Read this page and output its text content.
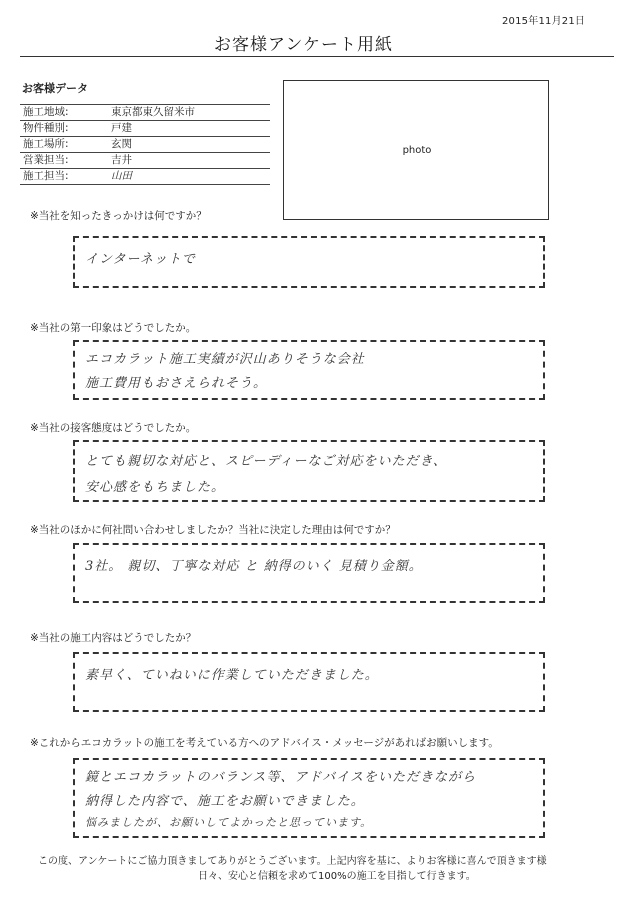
2015年11月21日
お客様アンケート用紙
お客様データ
施工地域:	東京都東久留米市
物件種別:	戸建
施工場所:	玄関
営業担当:	吉井
施工担当:	山田
photo
※当社を知ったきっかけは何ですか？
インターネットで
※当社の第一印象はどうでしたか。
エコカラット施工実績が沢山ありそうな会社
施工費用もおさえられそう。
※当社の接客態度はどうでしたか。
とても親切な対応と、スピーディーなご対応をいただき、
安心感をもちました。
※当社のほかに何社問い合わせしましたか？当社に決定した理由は何ですか？
3社。 親切、丁寧な対応 と 納得のいく 見積り金額。
※当社の施工内容はどうでしたか？
素早く、ていねいに作業していただきました。
※これからエコカラットの施工を考えている方へのアドバイス・メッセージがあればお願いします。
鏡とエコカラットのバランス等、アドバイスをいただきながら
納得した内容で、施工をお願いできました。
悩みましたが、お願いしてよかったと思っています。
この度、アンケートにご協力頂きましてありがとうございます。上記内容を基に、よりお客様に喜んで頂きます様
日々、安心と信頼を求めて100%の施工を目指して行きます。
